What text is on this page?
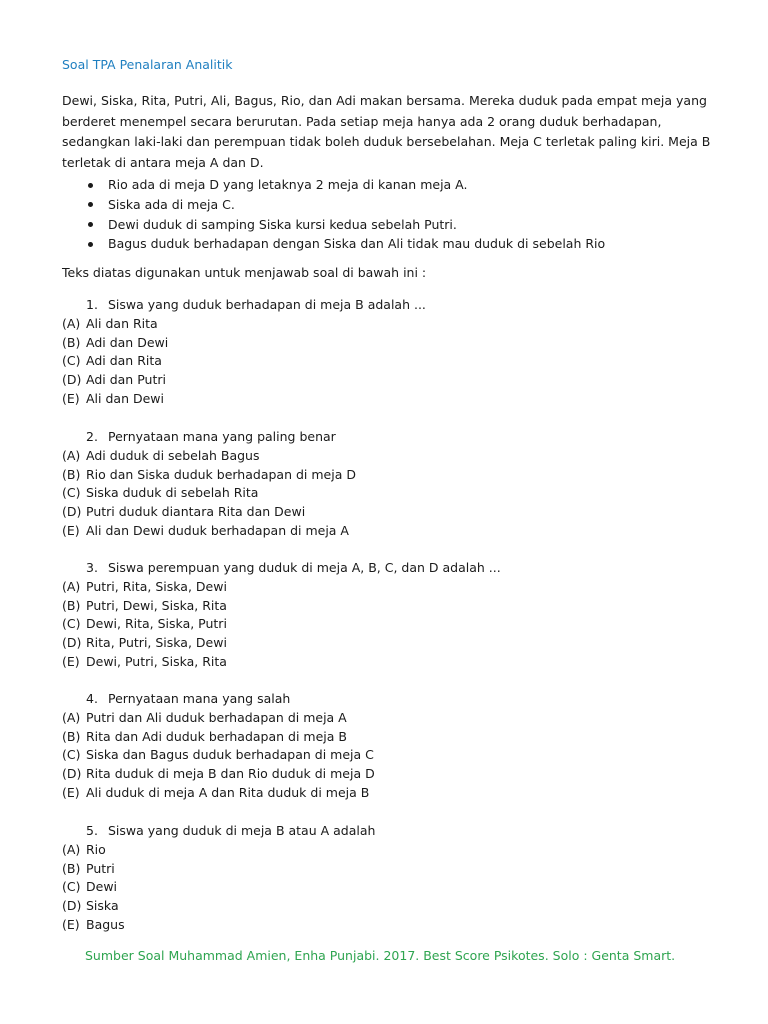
Soal TPA Penalaran Analitik

Dewi, Siska, Rita, Putri, Ali, Bagus, Rio, dan Adi makan bersama. Mereka duduk pada empat meja yang berderet menempel secara berurutan. Pada setiap meja hanya ada 2 orang duduk berhadapan, sedangkan laki-laki dan perempuan tidak boleh duduk bersebelahan. Meja C terletak paling kiri. Meja B terletak di antara meja A dan D.

Rio ada di meja D yang letaknya 2 meja di kanan meja A.
Siska ada di meja C.
Dewi duduk di samping Siska kursi kedua sebelah Putri.
Bagus duduk berhadapan dengan Siska dan Ali tidak mau duduk di sebelah Rio
Teks diatas digunakan untuk menjawab soal di bawah ini :
1. Siswa yang duduk berhadapan di meja B adalah ...
(A) Ali dan Rita
(B) Adi dan Dewi
(C) Adi dan Rita
(D) Adi dan Putri
(E) Ali dan Dewi
2. Pernyataan mana yang paling benar
(A) Adi duduk di sebelah Bagus
(B) Rio dan Siska duduk berhadapan di meja D
(C) Siska duduk di sebelah Rita
(D) Putri duduk diantara Rita dan Dewi
(E) Ali dan Dewi duduk berhadapan di meja A
3. Siswa perempuan yang duduk di meja A, B, C, dan D adalah ...
(A) Putri, Rita, Siska, Dewi
(B) Putri, Dewi, Siska, Rita
(C) Dewi, Rita, Siska, Putri
(D) Rita, Putri, Siska, Dewi
(E) Dewi, Putri, Siska, Rita
4. Pernyataan mana yang salah
(A) Putri dan Ali duduk berhadapan di meja A
(B) Rita dan Adi duduk berhadapan di meja B
(C) Siska dan Bagus duduk berhadapan di meja C
(D) Rita duduk di meja B dan Rio duduk di meja D
(E) Ali duduk di meja A dan Rita duduk di meja B
5. Siswa yang duduk di meja B atau A adalah
(A) Rio
(B) Putri
(C) Dewi
(D) Siska
(E) Bagus
Sumber Soal Muhammad Amien, Enha Punjabi. 2017. Best Score Psikotes. Solo : Genta Smart.
